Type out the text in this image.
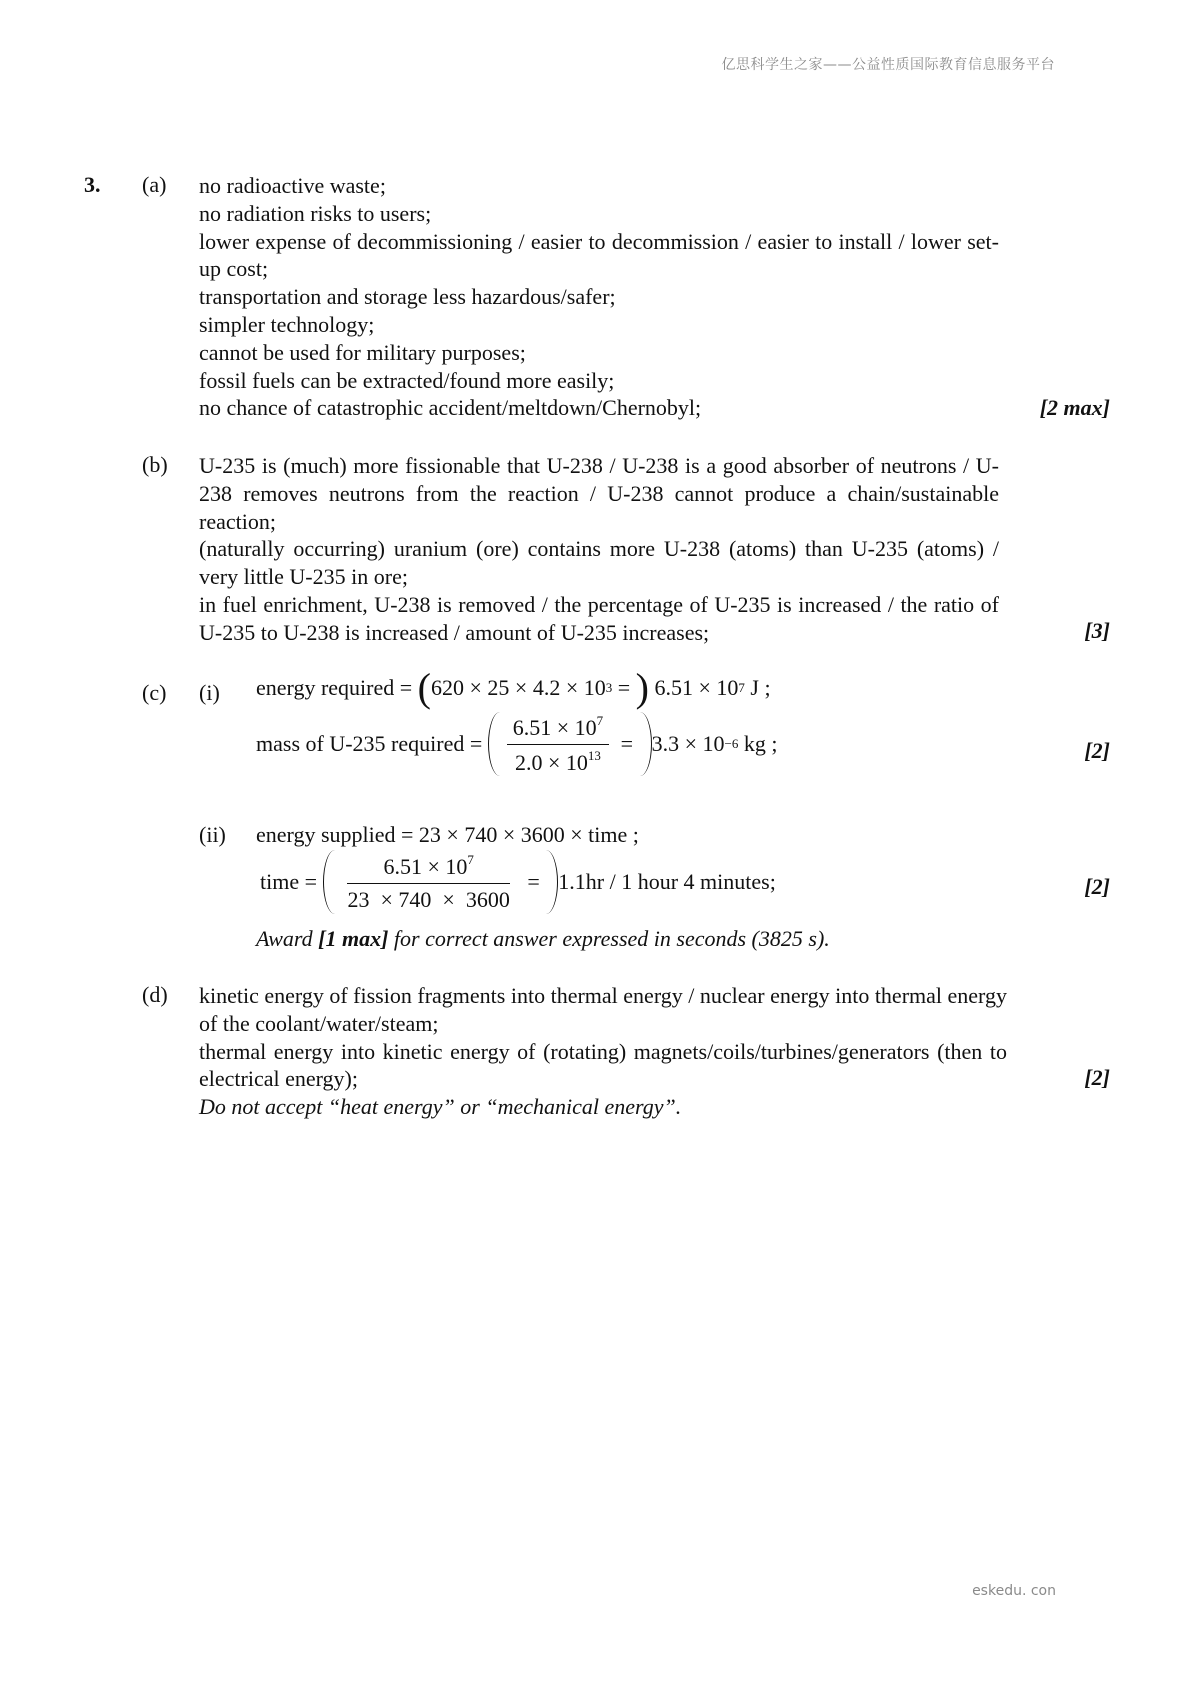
亿思科学生之家——公益性质国际教育信息服务平台
eskedu. con
3. (a) no radioactive waste;

no radiation risks to users;

lower expense of decommissioning / easier to decommission / easier to install / lower set-up cost;

transportation and storage less hazardous/safer;

simpler technology;

cannot be used for military purposes;

fossil fuels can be extracted/found more easily;

no chance of catastrophic accident/meltdown/Chernobyl;	[2 max]
(b) U-235 is (much) more fissionable that U-238 / U-238 is a good absorber of neutrons / U-238 removes neutrons from the reaction / U-238 cannot produce a chain/sustainable reaction;

(naturally occurring) uranium (ore) contains more U-238 (atoms) than U-235 (atoms) / very little U-235 in ore;

in fuel enrichment, U-238 is removed / the percentage of U-235 is increased / the ratio of U-235 to U-238 is increased / amount of U-235 increases;	[3]
(c) (i) energy required = ( 620 × 25 × 4.2 × 10 3 = ) 6.51 × 10 7 J ;
mass of U-235 required = $\frac{6.51 \times 10^7}{2.0 \times 10^{13}} = 3.3 \times 10 -6$ kg ;	[2]
(ii) energy supplied = 23 × 740 × 3600 × time ;
time = $\frac{6.51 \times 10^7}{23 \times 740 \times 3600} = 1.1hr / 1$ hour 4 minutes;	[2]
Award [1 max] for correct answer expressed in seconds (3825 s).
(d) kinetic energy of fission fragments into thermal energy / nuclear energy into thermal energy of the coolant/water/steam;

thermal energy into kinetic energy of (rotating) magnets/coils/turbines/generators (then to electrical energy);

Do not accept “heat energy” or “mechanical energy”.

[2]
